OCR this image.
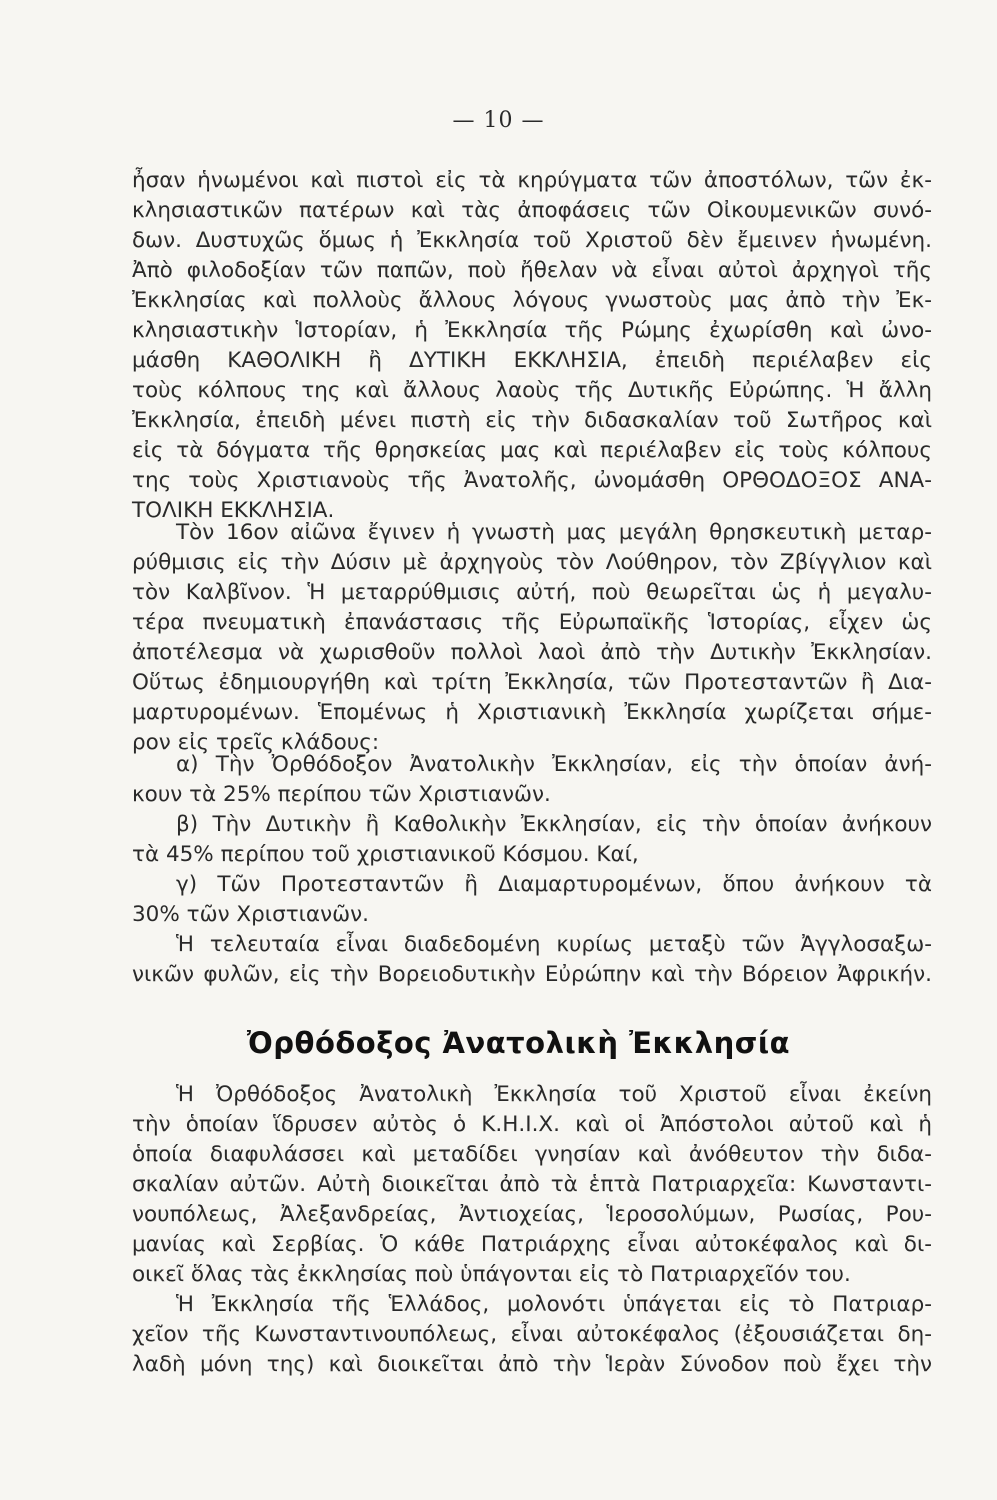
— 10 —
ἦσαν ἡνωμένοι καὶ πιστοὶ εἰς τὰ κηρύγματα τῶν ἀποστόλων, τῶν ἐκ-
κλησιαστικῶν πατέρων καὶ τὰς ἀποφάσεις τῶν Οἰκουμενικῶν συνό-
δων. Δυστυχῶς ὅμως ἡ Ἐκκλησία τοῦ Χριστοῦ δὲν ἔμεινεν ἡνωμένη.
Ἀπὸ φιλοδοξίαν τῶν παπῶν, ποὺ ἤθελαν νὰ εἶναι αὐτοὶ ἀρχηγοὶ τῆς
Ἐκκλησίας καὶ πολλοὺς ἄλλους λόγους γνωστοὺς μας ἀπὸ τὴν Ἐκ-
κλησιαστικὴν Ἱστορίαν, ἡ Ἐκκλησία τῆς Ρώμης ἐχωρίσθη καὶ ὠνο-
μάσθη ΚΑΘΟΛΙΚΗ ἢ ΔΥΤΙΚΗ ΕΚΚΛΗΣΙΑ, ἐπειδὴ περιέλαβεν εἰς
τοὺς κόλπους της καὶ ἄλλους λαοὺς τῆς Δυτικῆς Εὐρώπης. Ἡ ἄλλη
Ἐκκλησία, ἐπειδὴ μένει πιστὴ εἰς τὴν διδασκαλίαν τοῦ Σωτῆρος καὶ
εἰς τὰ δόγματα τῆς θρησκείας μας καὶ περιέλαβεν εἰς τοὺς κόλπους
της τοὺς Χριστιανοὺς τῆς Ἀνατολῆς, ὠνομάσθη ΟΡΘΟΔΟΞΟΣ ΑΝΑ-
ΤΟΛΙΚΗ ΕΚΚΛΗΣΙΑ.
Τὸν 16ον αἰῶνα ἔγινεν ἡ γνωστὴ μας μεγάλη θρησκευτικὴ μεταρ-
ρύθμισις εἰς τὴν Δύσιν μὲ ἀρχηγοὺς τὸν Λούθηρον, τὸν Ζβίγγλιον καὶ
τὸν Καλβῖνον. Ἡ μεταρρύθμισις αὐτή, ποὺ θεωρεῖται ὡς ἡ μεγαλυ-
τέρα πνευματικὴ ἐπανάστασις τῆς Εὐρωπαϊκῆς Ἱστορίας, εἶχεν ὡς
ἀποτέλεσμα νὰ χωρισθοῦν πολλοὶ λαοὶ ἀπὸ τὴν Δυτικὴν Ἐκκλησίαν.
Οὕτως ἐδημιουργήθη καὶ τρίτη Ἐκκλησία, τῶν Προτεσταντῶν ἢ Δια-
μαρτυρομένων. Ἑπομένως ἡ Χριστιανικὴ Ἐκκλησία χωρίζεται σήμε-
ρον εἰς τρεῖς κλάδους:
α) Τὴν Ὀρθόδοξον Ἀνατολικὴν Ἐκκλησίαν, εἰς τὴν ὁποίαν ἀνή-
κουν τὰ 25% περίπου τῶν Χριστιανῶν.
β) Τὴν Δυτικὴν ἢ Καθολικὴν Ἐκκλησίαν, εἰς τὴν ὁποίαν ἀνήκουν
τὰ 45% περίπου τοῦ χριστιανικοῦ Κόσμου. Καί,
γ) Τῶν Προτεσταντῶν ἢ Διαμαρτυρομένων, ὅπου ἀνήκουν τὰ
30% τῶν Χριστιανῶν.
Ἡ τελευταία εἶναι διαδεδομένη κυρίως μεταξὺ τῶν Ἀγγλοσαξω-
νικῶν φυλῶν, εἰς τὴν Βορειοδυτικὴν Εὐρώπην καὶ τὴν Βόρειον Ἀφρικήν.
Ὀρθόδοξος Ἀνατολικὴ Ἐκκλησία
Ἡ Ὀρθόδοξος Ἀνατολικὴ Ἐκκλησία τοῦ Χριστοῦ εἶναι ἐκείνη
τὴν ὁποίαν ἵδρυσεν αὐτὸς ὁ Κ.Η.Ι.Χ. καὶ οἱ Ἀπόστολοι αὐτοῦ καὶ ἡ
ὁποία διαφυλάσσει καὶ μεταδίδει γνησίαν καὶ ἀνόθευτον τὴν διδα-
σκαλίαν αὐτῶν. Αὐτὴ διοικεῖται ἀπὸ τὰ ἑπτὰ Πατριαρχεῖα: Κωνσταντι-
νουπόλεως, Ἀλεξανδρείας, Ἀντιοχείας, Ἱεροσολύμων, Ρωσίας, Ρου-
μανίας καὶ Σερβίας. Ὁ κάθε Πατριάρχης εἶναι αὐτοκέφαλος καὶ δι-
οικεῖ ὅλας τὰς ἐκκλησίας ποὺ ὑπάγονται εἰς τὸ Πατριαρχεῖόν του.
Ἡ Ἐκκλησία τῆς Ἑλλάδος, μολονότι ὑπάγεται εἰς τὸ Πατριαρ-
χεῖον τῆς Κωνσταντινουπόλεως, εἶναι αὐτοκέφαλος (ἐξουσιάζεται δη-
λαδὴ μόνη της) καὶ διοικεῖται ἀπὸ τὴν Ἱερὰν Σύνοδον ποὺ ἔχει τὴν
